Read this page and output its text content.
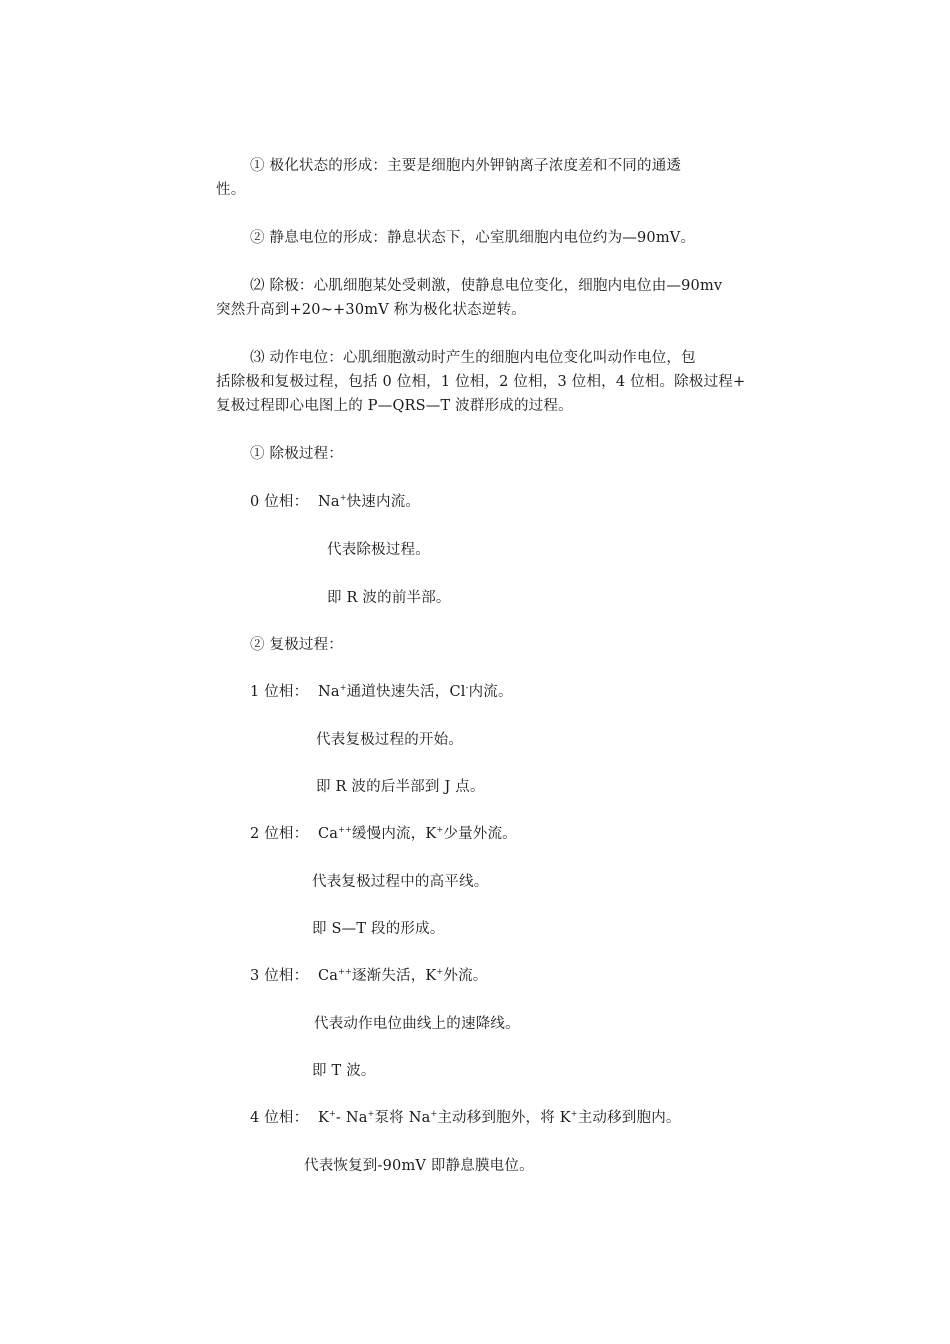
① 极化状态的形成：主要是细胞内外钾钠离子浓度差和不同的通透
性。
② 静息电位的形成：静息状态下，心室肌细胞内电位约为—90mV。
⑵ 除极：心肌细胞某处受刺激，使静息电位变化，细胞内电位由—90mv
突然升高到+20~+30mV 称为极化状态逆转。
⑶ 动作电位：心肌细胞激动时产生的细胞内电位变化叫动作电位，包
括除极和复极过程，包括 0 位相，1 位相，2 位相，3 位相，4 位相。除极过程+
复极过程即心电图上的 P—QRS—T 波群形成的过程。
① 除极过程：
0 位相： Na+快速内流。
代表除极过程。
即 R 波的前半部。
② 复极过程：
1 位相： Na+通道快速失活，Cl-内流。
代表复极过程的开始。
即 R 波的后半部到 J 点。
2 位相： Ca++缓慢内流，K+少量外流。
代表复极过程中的高平线。
即 S—T 段的形成。
3 位相： Ca++逐渐失活，K+外流。
代表动作电位曲线上的速降线。
即 T 波。
4 位相： K+- Na+泵将 Na+主动移到胞外，将 K+主动移到胞内。
代表恢复到-90mV 即静息膜电位。
